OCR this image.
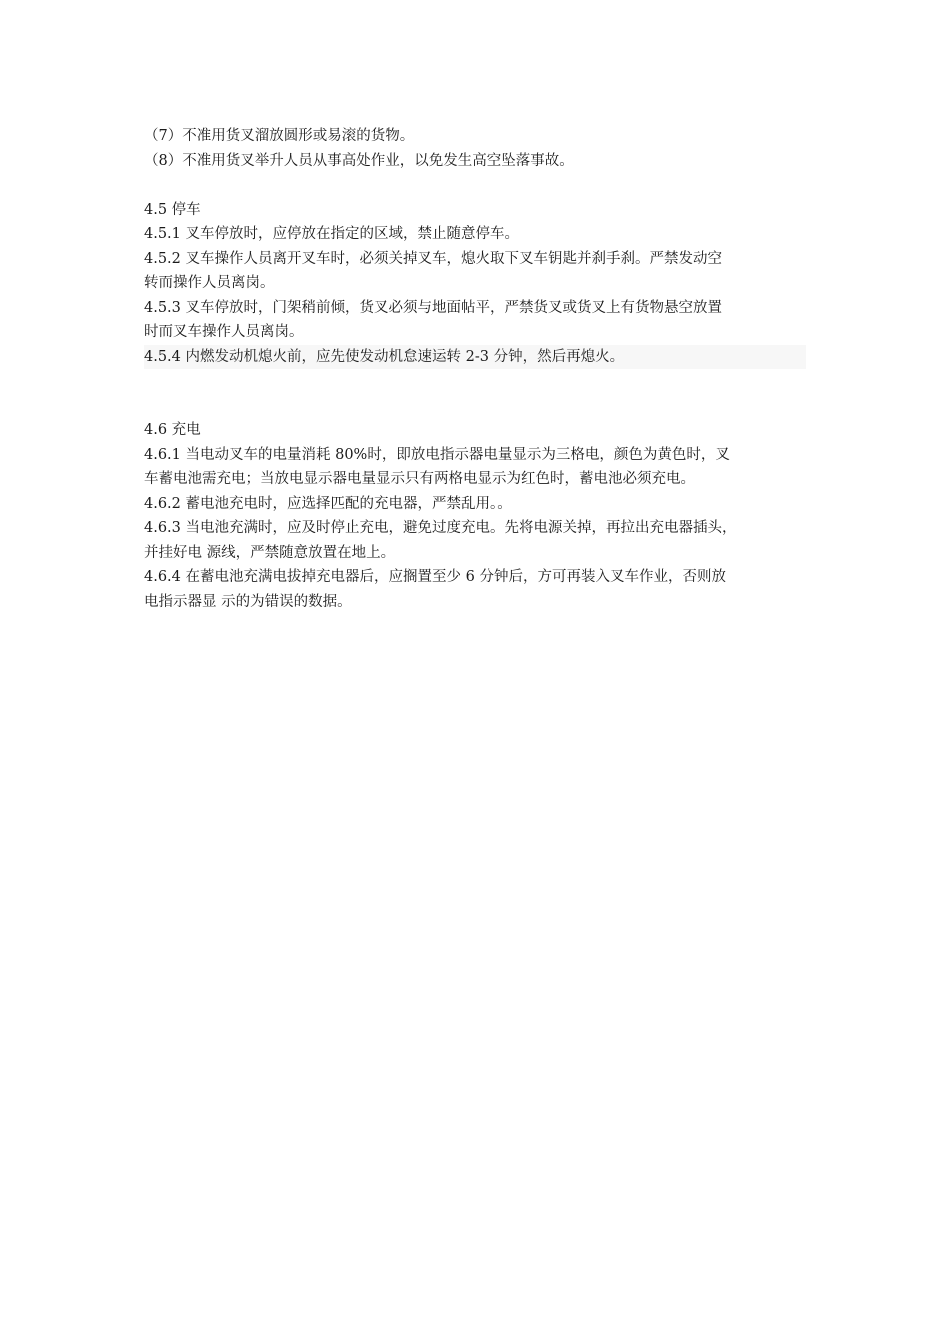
（7）不准用货叉溜放圆形或易滚的货物。
（8）不准用货叉举升人员从事高处作业，以免发生高空坠落事故。
4.5 停车
4.5.1 叉车停放时，应停放在指定的区域，禁止随意停车。
4.5.2 叉车操作人员离开叉车时，必须关掉叉车，熄火取下叉车钥匙并刹手刹。严禁发动空
转而操作人员离岗。
4.5.3 叉车停放时，门架稍前倾，货叉必须与地面帖平，严禁货叉或货叉上有货物悬空放置
时而叉车操作人员离岗。
4.5.4 内燃发动机熄火前，应先使发动机怠速运转 2-3 分钟，然后再熄火。
4.6 充电
4.6.1 当电动叉车的电量消耗 80%时，即放电指示器电量显示为三格电，颜色为黄色时，叉
车蓄电池需充电；当放电显示器电量显示只有两格电显示为红色时，蓄电池必须充电。
4.6.2 蓄电池充电时，应选择匹配的充电器，严禁乱用。。
4.6.3 当电池充满时，应及时停止充电，避免过度充电。先将电源关掉，再拉出充电器插头，
并挂好电 源线，严禁随意放置在地上。
4.6.4 在蓄电池充满电拔掉充电器后，应搁置至少 6 分钟后，方可再装入叉车作业，否则放
电指示器显 示的为错误的数据。
